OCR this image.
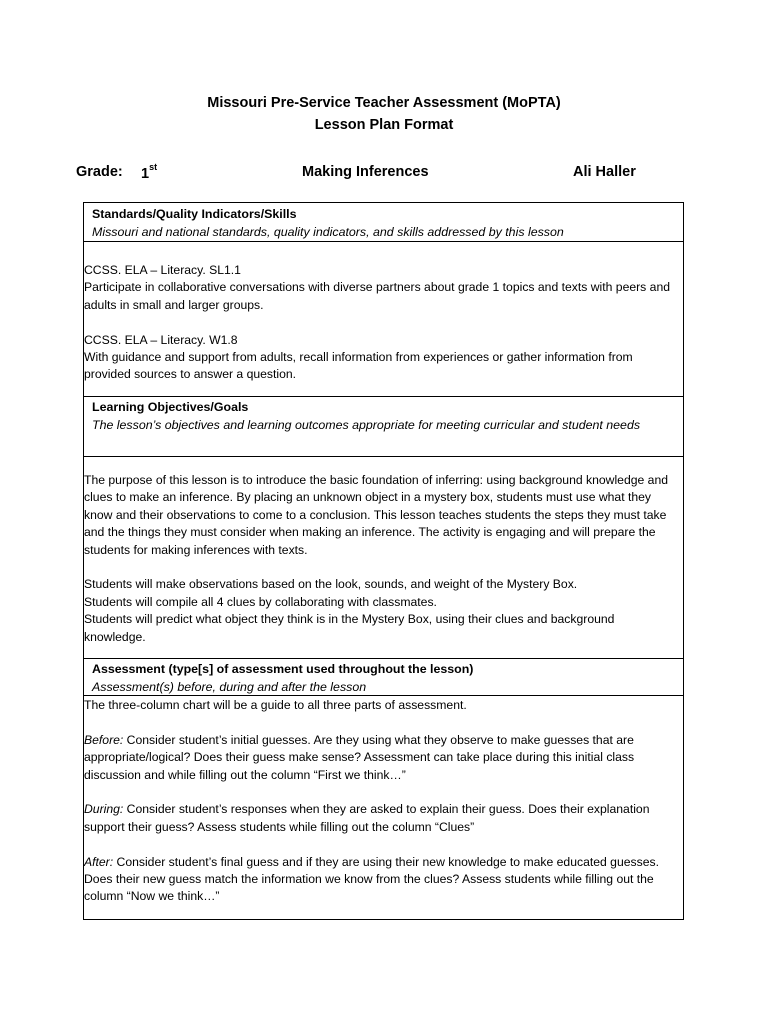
Missouri Pre-Service Teacher Assessment (MoPTA)
Lesson Plan Format
Grade: 1st	Making Inferences	Ali Haller
Standards/Quality Indicators/Skills
Missouri and national standards, quality indicators, and skills addressed by this lesson

CCSS. ELA – Literacy. SL1.1

Participate in collaborative conversations with diverse partners about grade 1 topics and texts with peers and adults in small and larger groups.

CCSS. ELA – Literacy. W1.8

With guidance and support from adults, recall information from experiences or gather information from provided sources to answer a question.

Learning Objectives/Goals
The lesson’s objectives and learning outcomes appropriate for meeting curricular and student needs

The purpose of this lesson is to introduce the basic foundation of inferring: using background knowledge and clues to make an inference. By placing an unknown object in a mystery box, students must use what they know and their observations to come to a conclusion. This lesson teaches students the steps they must take and the things they must consider when making an inference. The activity is engaging and will prepare the students for making inferences with texts.

Students will make observations based on the look, sounds, and weight of the Mystery Box.

Students will compile all 4 clues by collaborating with classmates.

Students will predict what object they think is in the Mystery Box, using their clues and background knowledge.

Assessment (type[s] of assessment used throughout the lesson)
Assessment(s) before, during and after the lesson

The three-column chart will be a guide to all three parts of assessment.

Before: Consider student’s initial guesses. Are they using what they observe to make guesses that are appropriate/logical? Does their guess make sense? Assessment can take place during this initial class discussion and while filling out the column “First we think…”

During: Consider student’s responses when they are asked to explain their guess. Does their explanation support their guess? Assess students while filling out the column “Clues”

After: Consider student’s final guess and if they are using their new knowledge to make educated guesses. Does their new guess match the information we know from the clues? Assess students while filling out the column “Now we think…”
